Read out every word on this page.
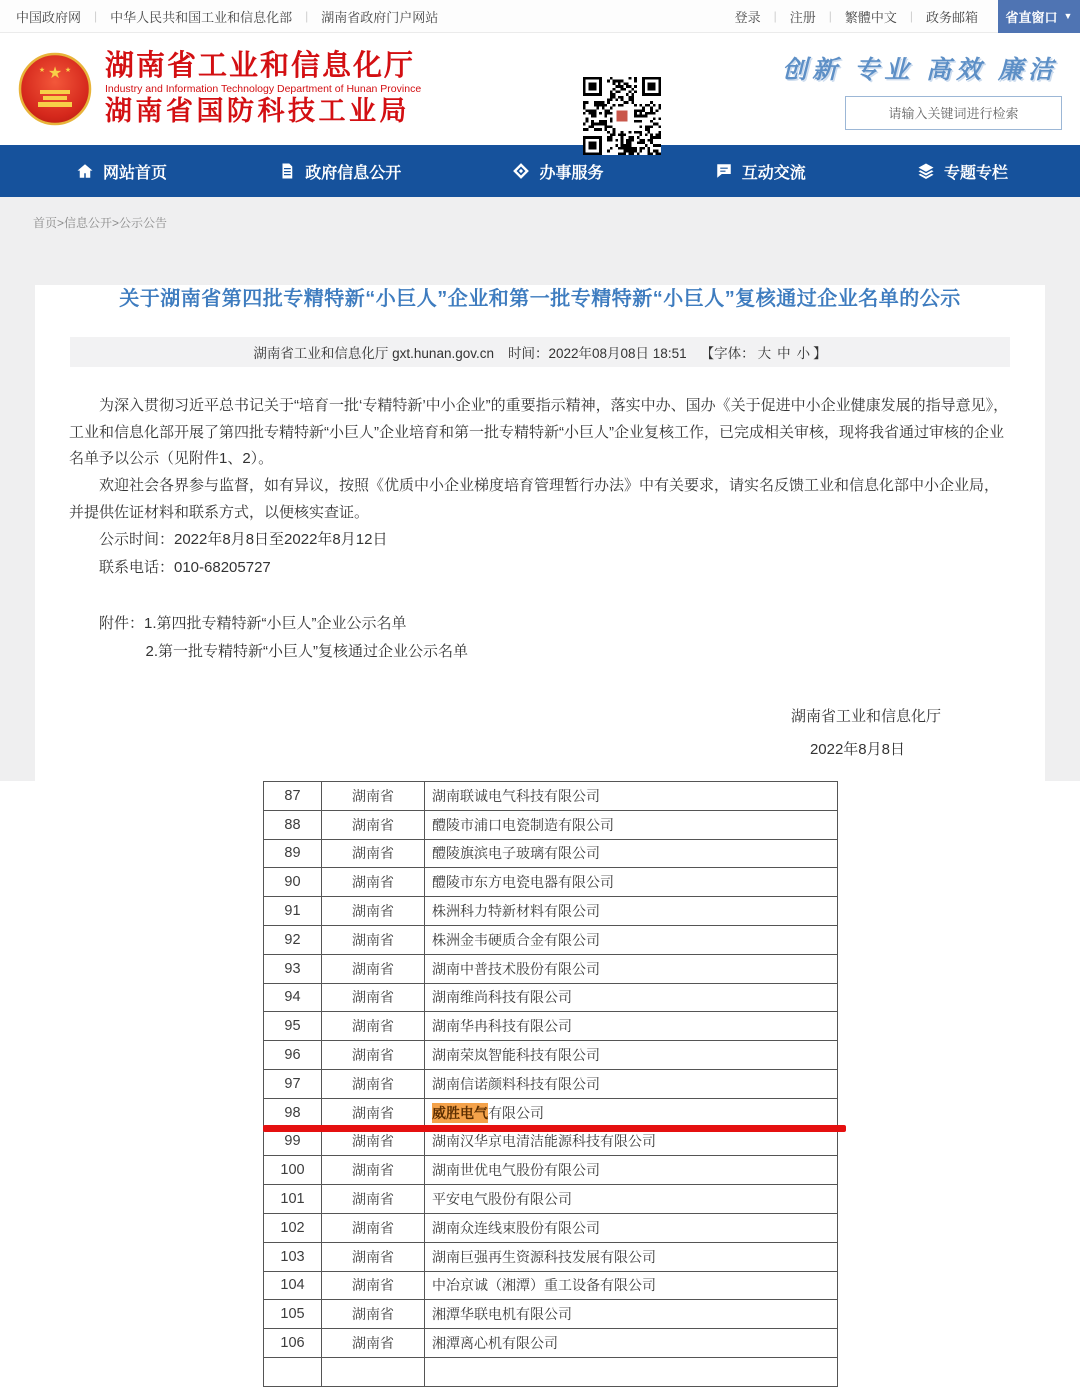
中国政府网 | 中华人民共和国工业和信息化部 | 湖南省政府门户网站	登录 | 注册 | 繁體中文 | 政务邮箱 省直窗口 ▼
★
★	★ 湖南省工业和信息化厅
Industry and Information Technology Department of Hunan Province
湖南省国防科技工业局
创新 专业 高效 廉洁
请输入关键词进行检索
网站首页	政府信息公开	办事服务	互动交流	专题专栏
首页>信息公开>公示公告
关于湖南省第四批专精特新“小巨人”企业和第一批专精特新“小巨人”复核通过企业名单的公示
湖南省工业和信息化厅 gxt.hunan.gov.cn 时间：2022年08月08日 18:51 【字体： 大 中 小 】

为深入贯彻习近平总书记关于“培育一批‘专精特新’中小企业”的重要指示精神，落实中办、国办《关于促进中小企业健康发展的指导意见》，工业和信息化部开展了第四批专精特新“小巨人”企业培育和第一批专精特新“小巨人”企业复核工作，已完成相关审核，现将我省通过审核的企业名单予以公示（见附件1、2）。

欢迎社会各界参与监督，如有异议，按照《优质中小企业梯度培育管理暂行办法》中有关要求，请实名反馈工业和信息化部中小企业局，并提供佐证材料和联系方式，以便核实查证。

公示时间：2022年8月8日至2022年8月12日
联系电话：010-68205727
附件：1.第四批专精特新“小巨人”企业公示名单
2.第一批专精特新“小巨人”复核通过企业公示名单
湖南省工业和信息化厅
2022年8月8日
87	湖南省	湖南联诚电气科技有限公司
88	湖南省	醴陵市浦口电瓷制造有限公司
89	湖南省	醴陵旗滨电子玻璃有限公司
90	湖南省	醴陵市东方电瓷电器有限公司
91	湖南省	株洲科力特新材料有限公司
92	湖南省	株洲金韦硬质合金有限公司
93	湖南省	湖南中普技术股份有限公司
94	湖南省	湖南维尚科技有限公司
95	湖南省	湖南华冉科技有限公司
96	湖南省	湖南荣岚智能科技有限公司
97	湖南省	湖南信诺颜料科技有限公司
98	湖南省	威胜电气 有限公司
99	湖南省	湖南汉华京电清洁能源科技有限公司
100	湖南省	湖南世优电气股份有限公司
101	湖南省	平安电气股份有限公司
102	湖南省	湖南众连线束股份有限公司
103	湖南省	湖南巨强再生资源科技发展有限公司
104	湖南省	中冶京诚（湘潭）重工设备有限公司
105	湖南省	湘潭华联电机有限公司
106	湖南省	湘潭离心机有限公司
